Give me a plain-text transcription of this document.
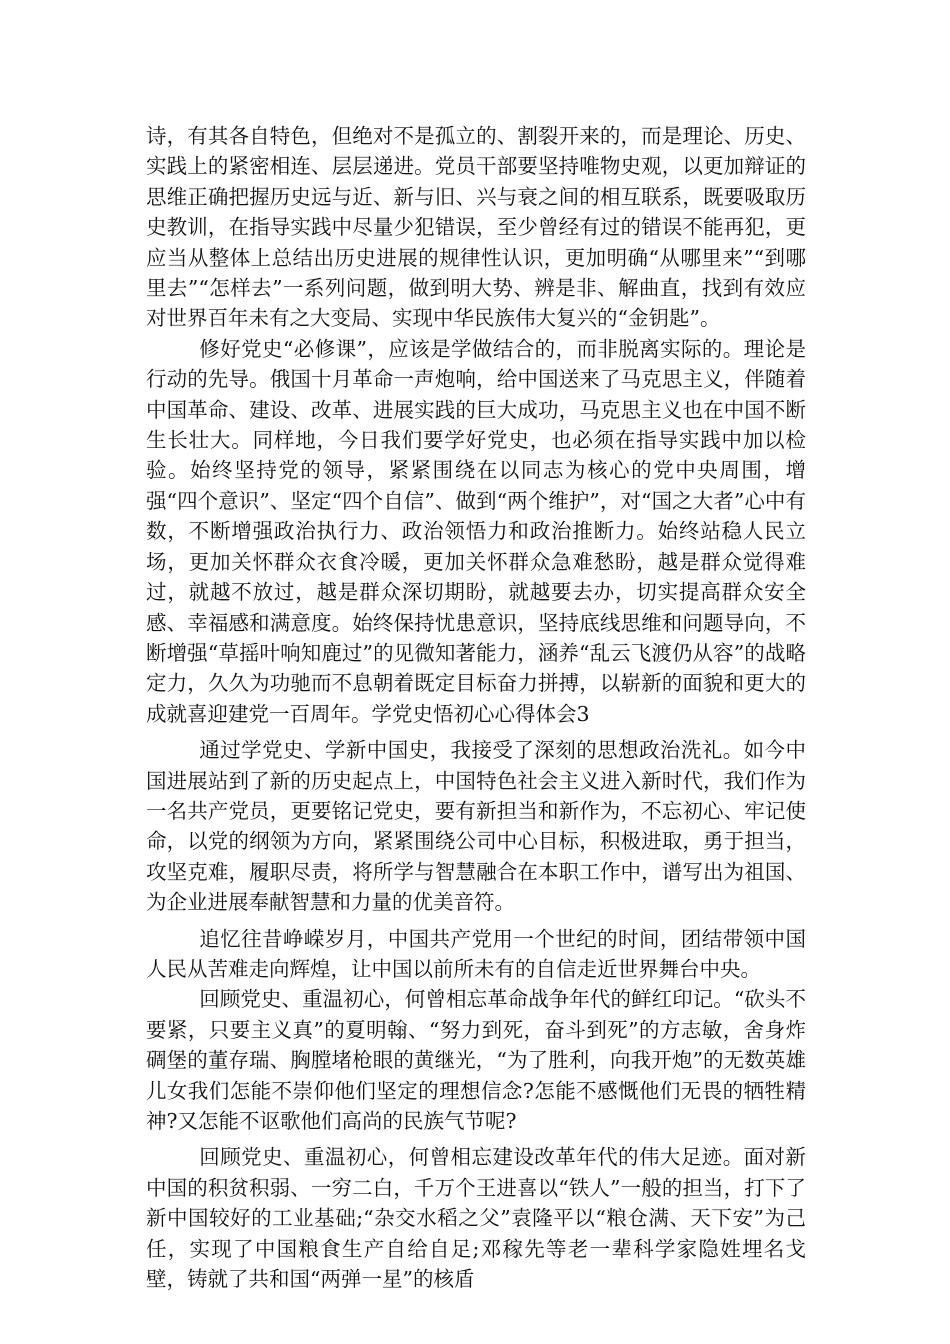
诗，有其各自特色，但绝对不是孤立的、割裂开来的，而是理论、历史、实践上的紧密相连、层层递进。党员干部要坚持唯物史观，以更加辩证的思维正确把握历史远与近、新与旧、兴与衰之间的相互联系，既要吸取历史教训，在指导实践中尽量少犯错误，至少曾经有过的错误不能再犯，更应当从整体上总结出历史进展的规律性认识，更加明确“从哪里来”“到哪里去”“怎样去”一系列问题，做到明大势、辨是非、解曲直，找到有效应对世界百年未有之大变局、实现中华民族伟大复兴的“金钥匙”。

修好党史“必修课”，应该是学做结合的，而非脱离实际的。理论是行动的先导。俄国十月革命一声炮响，给中国送来了马克思主义，伴随着中国革命、建设、改革、进展实践的巨大成功，马克思主义也在中国不断生长壮大。同样地，今日我们要学好党史，也必须在指导实践中加以检验。始终坚持党的领导，紧紧围绕在以同志为核心的党中央周围，增强“四个意识”、坚定“四个自信”、做到“两个维护”，对“国之大者”心中有数，不断增强政治执行力、政治领悟力和政治推断力。始终站稳人民立场，更加关怀群众衣食冷暖，更加关怀群众急难愁盼，越是群众觉得难过，就越不放过，越是群众深切期盼，就越要去办，切实提高群众安全感、幸福感和满意度。始终保持忧患意识，坚持底线思维和问题导向，不断增强“草摇叶响知鹿过”的见微知著能力，涵养“乱云飞渡仍从容”的战略定力，久久为功驰而不息朝着既定目标奋力拼搏，以崭新的面貌和更大的成就喜迎建党一百周年。学党史悟初心心得体会3

通过学党史、学新中国史，我接受了深刻的思想政治洗礼。如今中国进展站到了新的历史起点上，中国特色社会主义进入新时代，我们作为一名共产党员，更要铭记党史，要有新担当和新作为，不忘初心、牢记使命，以党的纲领为方向，紧紧围绕公司中心目标，积极进取，勇于担当，攻坚克难，履职尽责，将所学与智慧融合在本职工作中，谱写出为祖国、为企业进展奉献智慧和力量的优美音符。

追忆往昔峥嵘岁月，中国共产党用一个世纪的时间，团结带领中国人民从苦难走向辉煌，让中国以前所未有的自信走近世界舞台中央。

回顾党史、重温初心，何曾相忘革命战争年代的鲜红印记。“砍头不要紧，只要主义真”的夏明翰、“努力到死，奋斗到死”的方志敏，舍身炸碉堡的董存瑞、胸膛堵枪眼的黄继光，“为了胜利，向我开炮”的无数英雄儿女我们怎能不崇仰他们坚定的理想信念?怎能不感慨他们无畏的牺牲精神?又怎能不讴歌他们高尚的民族气节呢?

回顾党史、重温初心，何曾相忘建设改革年代的伟大足迹。面对新中国的积贫积弱、一穷二白，千万个王进喜以“铁人”一般的担当，打下了新中国较好的工业基础;“杂交水稻之父”袁隆平以“粮仓满、天下安”为己任，实现了中国粮食生产自给自足;邓稼先等老一辈科学家隐姓埋名戈壁，铸就了共和国“两弹一星”的核盾
